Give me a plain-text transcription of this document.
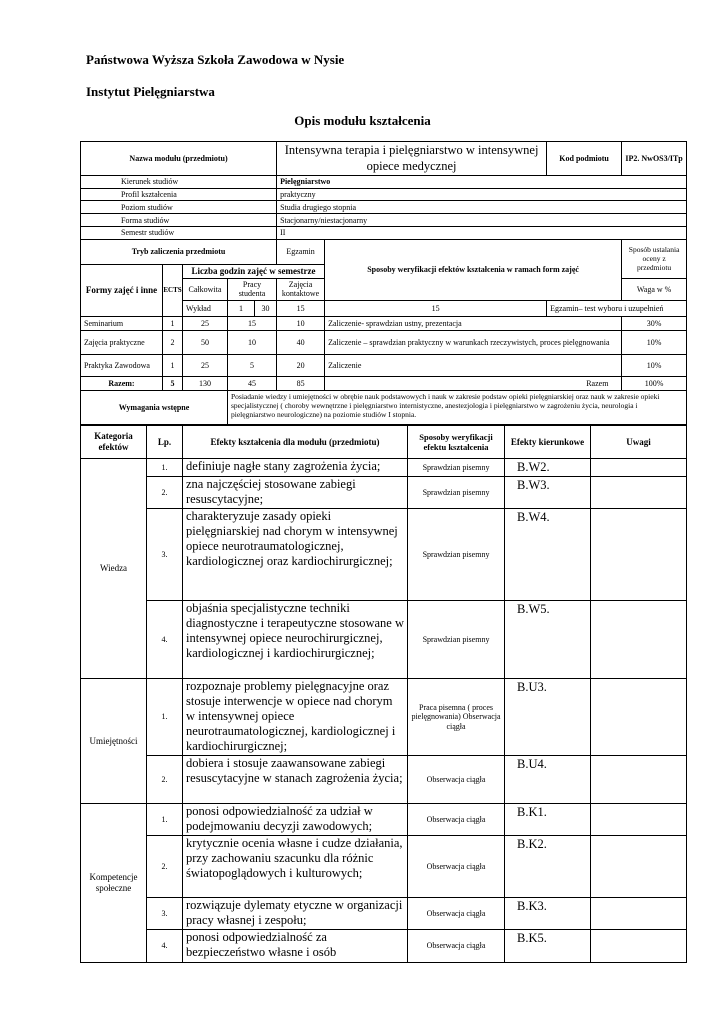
Państwowa Wyższa Szkoła Zawodowa w Nysie
Instytut Pielęgniarstwa
Opis modułu kształcenia
Nazwa modułu (przedmiotu)					Intensywna terapia i pielęgniarstwo w intensywnej opiece medycznej		Kod podmiotu		IP2. NwOS3/ITp	
Kierunek studiów					Pielęgniarstwo					
Profil kształcenia					praktyczny					
Poziom studiów					Studia drugiego stopnia					
Forma studiów					Stacjonarny/niestacjonarny					
Semestr studiów					II					
Tryb zaliczenia przedmiotu					Egzamin	Sposoby weryfikacji efektów kształcenia w ramach form zajęć			Sposób ustalania oceny z przedmiotu	
Formy zajęć i inne	ECTS	Liczba godzin zajęć w semestrze								
		Całkowita	Pracy studenta		Zajęcia kontaktowe				Waga w %	
		Wykład	1	30	15	15	Egzamin– test wyboru i uzupełnień	
Seminarium	1	25	15		10	Zaliczenie- sprawdzian ustny, prezentacja			30%	
Zajęcia praktyczne	2	50	10		40	Zaliczenie – sprawdzian praktyczny w warunkach rzeczywistych, proces pielęgnowania			10%	
Praktyka Zawodowa	1	25	5		20	Zaliczenie			10%	
Razem:	5	130	45		85			Razem	100%	
Wymagania wstępne			Posiadanie wiedzy i umiejętności w obrębie nauk podstawowych i nauk w zakresie podstaw opieki pielęgniarskiej oraz nauk w zakresie opieki specjalistycznej ( choroby wewnętrzne i pielęgniarstwo internistyczne, anestezjologia i pielęgniarstwo w zagrożeniu życia, neurologia i pielęgniarstwo neurologiczne) na poziomie studiów I stopnia.							
Kategoria efektów	Lp.	Efekty kształcenia dla modułu (przedmiotu)	Sposoby weryfikacji efektu kształcenia	Efekty kierunkowe	Uwagi
Wiedza	1.	definiuje nagłe stany zagrożenia życia;	Sprawdzian pisemny	B.W2.	
	2.	zna najczęściej stosowane zabiegi resuscytacyjne;	Sprawdzian pisemny	B.W3.	
	3.	charakteryzuje zasady opieki pielęgniarskiej nad chorym w intensywnej opiece neurotraumatologicznej, kardiologicznej oraz kardiochirurgicznej;	Sprawdzian pisemny	B.W4.	
	4.	objaśnia specjalistyczne techniki diagnostyczne i terapeutyczne stosowane w intensywnej opiece neurochirurgicznej, kardiologicznej i kardiochirurgicznej;	Sprawdzian pisemny	B.W5.	
Umiejętności	1.	rozpoznaje problemy pielęgnacyjne oraz stosuje interwencje w opiece nad chorym w intensywnej opiece neurotraumatologicznej, kardiologicznej i kardiochirurgicznej;	Praca pisemna ( proces pielęgnowania) Obserwacja ciągła	B.U3.	
	2.	dobiera i stosuje zaawansowane zabiegi resuscytacyjne w stanach zagrożenia życia;	Obserwacja ciągła	B.U4.	
Kompetencje społeczne	1.	ponosi odpowiedzialność za udział w podejmowaniu decyzji zawodowych;	Obserwacja ciągła	B.K1.	
	2.	krytycznie ocenia własne i cudze działania, przy zachowaniu szacunku dla różnic światopoglądowych i kulturowych;	Obserwacja ciągła	B.K2.	
	3.	rozwiązuje dylematy etyczne w organizacji pracy własnej i zespołu;	Obserwacja ciągła	B.K3.	
	4.	ponosi odpowiedzialność za bezpieczeństwo własne i osób	Obserwacja ciągła	B.K5.	
